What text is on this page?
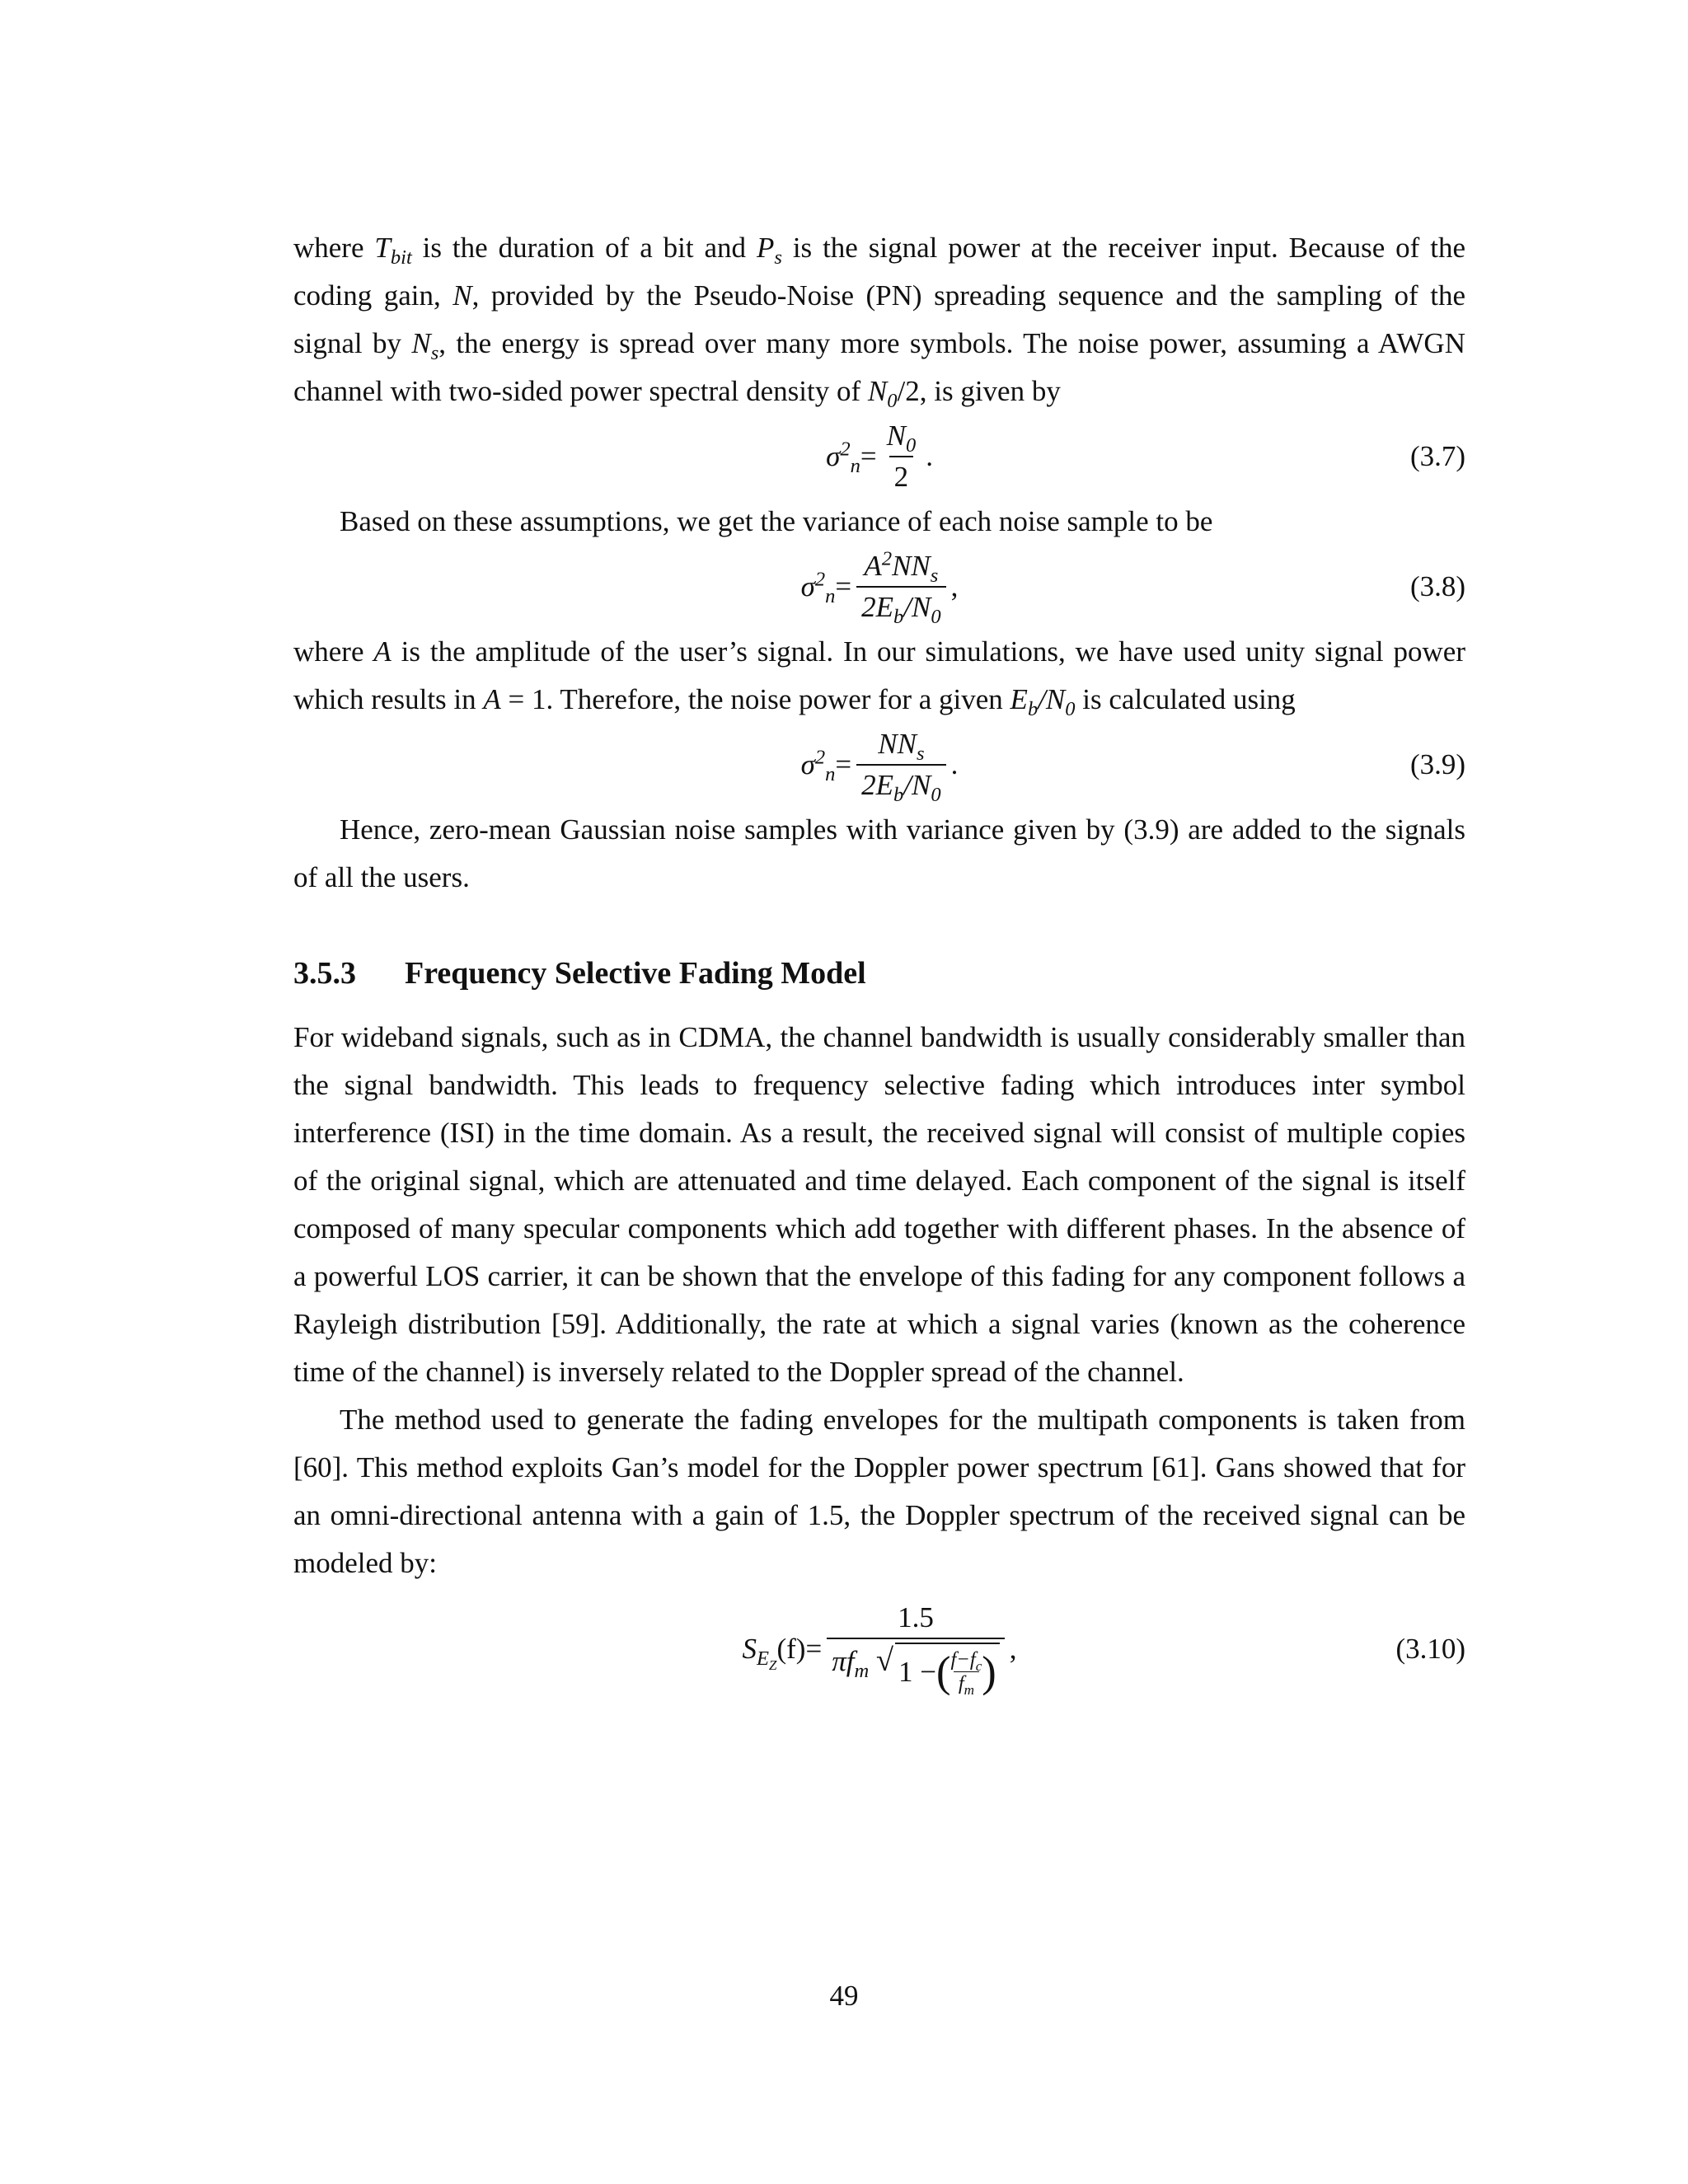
where $T_{bit}$ is the duration of a bit and $P_s$ is the signal power at the receiver input. Because of the coding gain, N, provided by the Pseudo-Noise (PN) spreading sequence and the sampling of the signal by $N_s$, the energy is spread over many more symbols. The noise power, assuming a AWGN channel with two-sided power spectral density of $N_0/2$, is given by

$\sigma^2_n = \frac{N_0}{2}$ .	(3.7)

Based on these assumptions, we get the variance of each noise sample to be

$\sigma^2_n = \frac{A^2NN_s}{2E_b/N_0}$ ,	(3.8)

where A is the amplitude of the user’s signal. In our simulations, we have used unity signal power which results in A = 1. Therefore, the noise power for a given $E_b/N_0$ is calculated using

$\sigma^2_n = \frac{NN_s}{2E_b/N_0}$ .	(3.9)

Hence, zero-mean Gaussian noise samples with variance given by (3.9) are added to the signals of all the users.

3.5.3 Frequency Selective Fading Model

For wideband signals, such as in CDMA, the channel bandwidth is usually considerably smaller than the signal bandwidth. This leads to frequency selective fading which introduces inter symbol interference (ISI) in the time domain. As a result, the received signal will consist of multiple copies of the original signal, which are attenuated and time delayed. Each component of the signal is itself composed of many specular components which add together with different phases. In the absence of a powerful LOS carrier, it can be shown that the envelope of this fading for any component follows a Rayleigh distribution [59]. Additionally, the rate at which a signal varies (known as the coherence time of the channel) is inversely related to the Doppler spread of the channel.

The method used to generate the fading envelopes for the multipath components is taken from [60]. This method exploits Gan’s model for the Doppler power spectrum [61]. Gans showed that for an omni-directional antenna with a gain of 1.5, the Doppler spectrum of the received signal can be modeled by:

$S_{E_Z}(f)$ =
1.5
$\pi f_m$ √ 1 − ( $\frac{f-f_c}{f_m}$ ) ,	(3.10)
49
